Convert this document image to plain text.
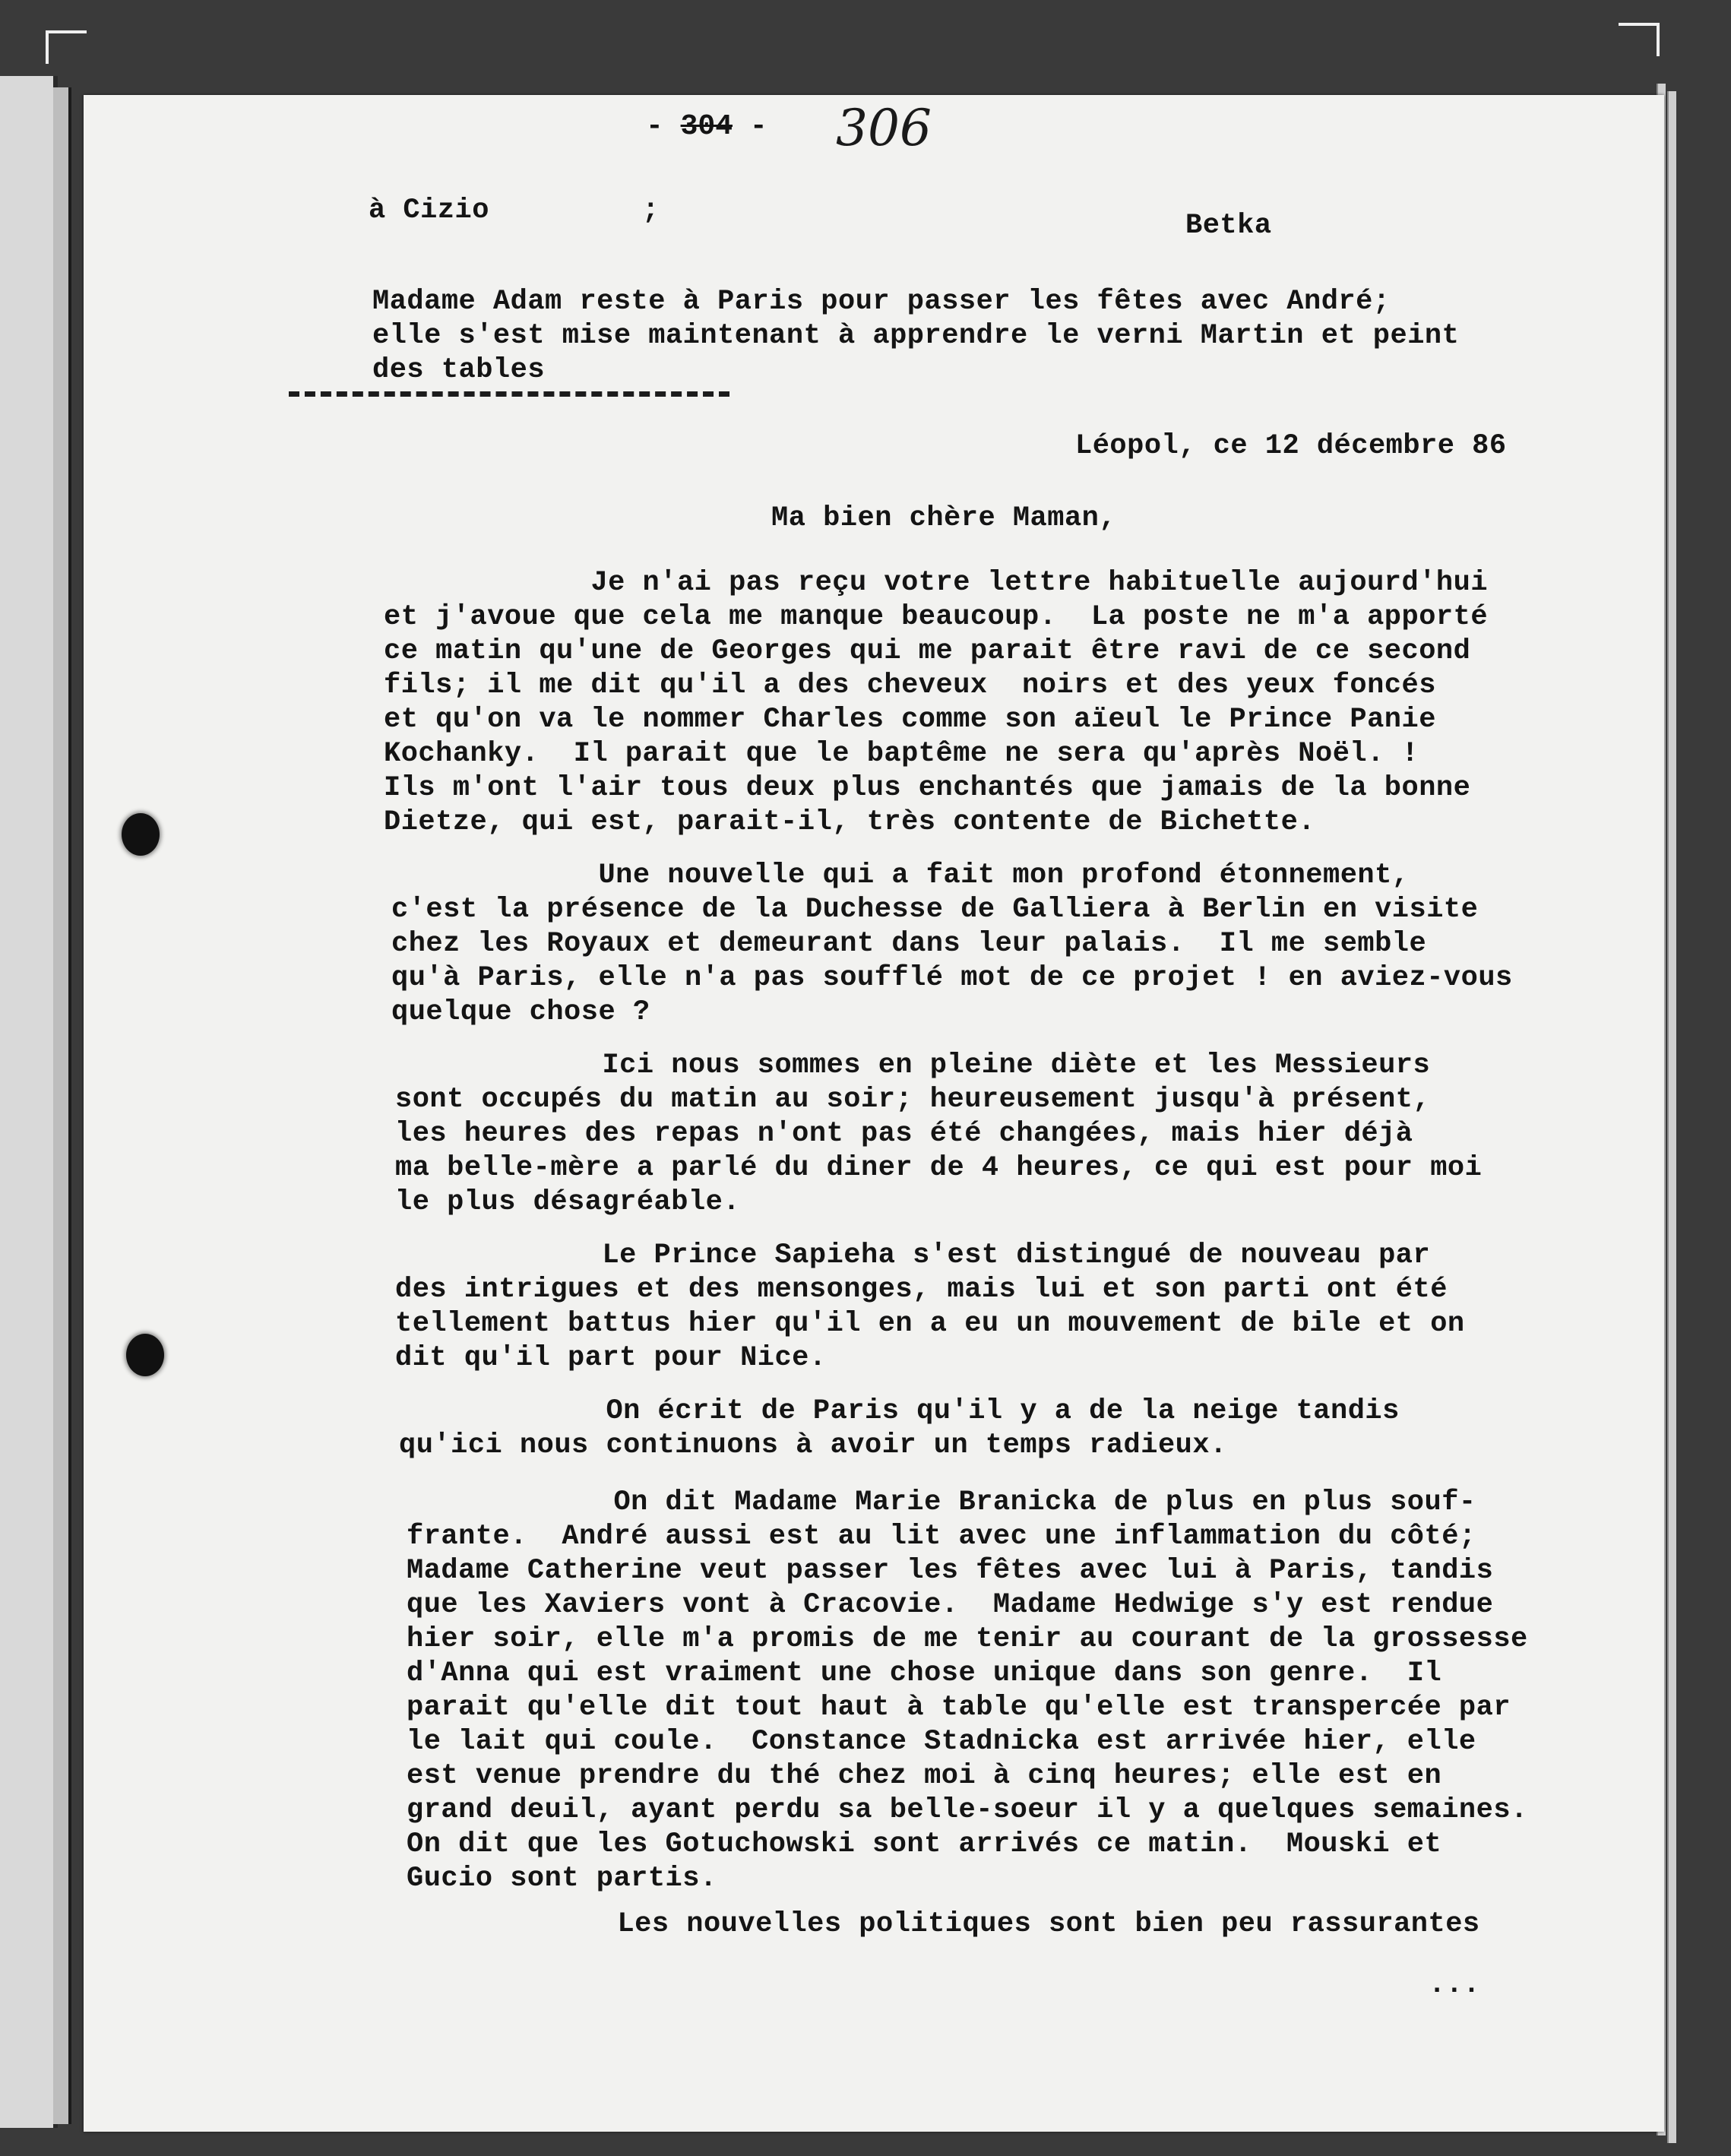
- 304 - 306
à Cizio	;	Betka
Madame Adam reste à Paris pour passer les fêtes avec André;
elle s'est mise maintenant à apprendre le verni Martin et peint
des tables
Léopol, ce 12 décembre 86
Ma bien chère Maman,
Je n'ai pas reçu votre lettre habituelle aujourd'hui
et j'avoue que cela me manque beaucoup.  La poste ne m'a apporté
ce matin qu'une de Georges qui me parait être ravi de ce second
fils; il me dit qu'il a des cheveux  noirs et des yeux foncés
et qu'on va le nommer Charles comme son aïeul le Prince Panie
Kochanky.  Il parait que le baptême ne sera qu'après Noël. !
Ils m'ont l'air tous deux plus enchantés que jamais de la bonne
Dietze, qui est, parait-il, très contente de Bichette.
Une nouvelle qui a fait mon profond étonnement,
c'est la présence de la Duchesse de Galliera à Berlin en visite
chez les Royaux et demeurant dans leur palais.  Il me semble
qu'à Paris, elle n'a pas soufflé mot de ce projet ! en aviez-vous
quelque chose ?
Ici nous sommes en pleine diète et les Messieurs
sont occupés du matin au soir; heureusement jusqu'à présent,
les heures des repas n'ont pas été changées, mais hier déjà
ma belle-mère a parlé du diner de 4 heures, ce qui est pour moi
le plus désagréable.
Le Prince Sapieha s'est distingué de nouveau par
des intrigues et des mensonges, mais lui et son parti ont été
tellement battus hier qu'il en a eu un mouvement de bile et on
dit qu'il part pour Nice.
On écrit de Paris qu'il y a de la neige tandis
qu'ici nous continuons à avoir un temps radieux.
On dit Madame Marie Branicka de plus en plus souf-
frante.  André aussi est au lit avec une inflammation du côté;
Madame Catherine veut passer les fêtes avec lui à Paris, tandis
que les Xaviers vont à Cracovie.  Madame Hedwige s'y est rendue
hier soir, elle m'a promis de me tenir au courant de la grossesse
d'Anna qui est vraiment une chose unique dans son genre.  Il
parait qu'elle dit tout haut à table qu'elle est transpercée par
le lait qui coule.  Constance Stadnicka est arrivée hier, elle
est venue prendre du thé chez moi à cinq heures; elle est en
grand deuil, ayant perdu sa belle-soeur il y a quelques semaines.
On dit que les Gotuchowski sont arrivés ce matin.  Mouski et
Gucio sont partis.
Les nouvelles politiques sont bien peu rassurantes
...
